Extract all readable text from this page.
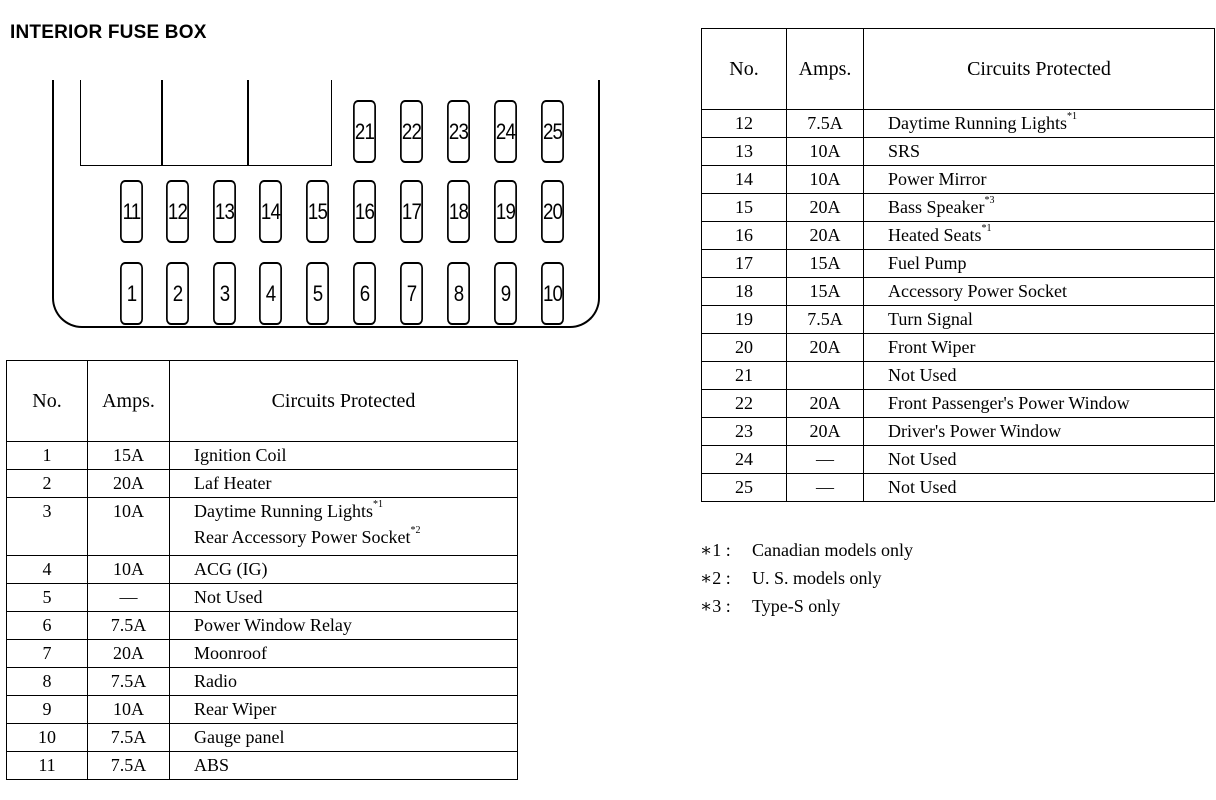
INTERIOR FUSE BOX
21 22 23 24 25
11 12 13 14 15 16 17 18 19 20
1	2	3	4	5	6	7	8	9	10
No.	Amps.	Circuits Protected
1	15A	Ignition Coil

2	20A	Laf Heater

3	10A	Daytime Running Lights$^{*1}$
Rear Accessory Power Socket$^{*2}$

4	10A	ACG (IG)

5	—	Not Used

6	7.5A	Power Window Relay

7	20A	Moonroof

8	7.5A	Radio

9	10A	Rear Wiper

10	7.5A	Gauge panel

11	7.5A	ABS
No.	Amps.	Circuits Protected
12	7.5A	Daytime Running Lights$^{*1}$

13	10A	SRS

14	10A	Power Mirror

15	20A	Bass Speaker$^{*3}$

16	20A	Heated Seats$^{*1}$

17	15A	Fuel Pump

18	15A	Accessory Power Socket

19	7.5A	Turn Signal

20	20A	Front Wiper

21		Not Used

22	20A	Front Passenger's Power Window

23	20A	Driver's Power Window

24	—	Not Used

25	—	Not Used
∗1 :	Canadian models only
∗2 :	U. S. models only
∗3 :	Type-S only
